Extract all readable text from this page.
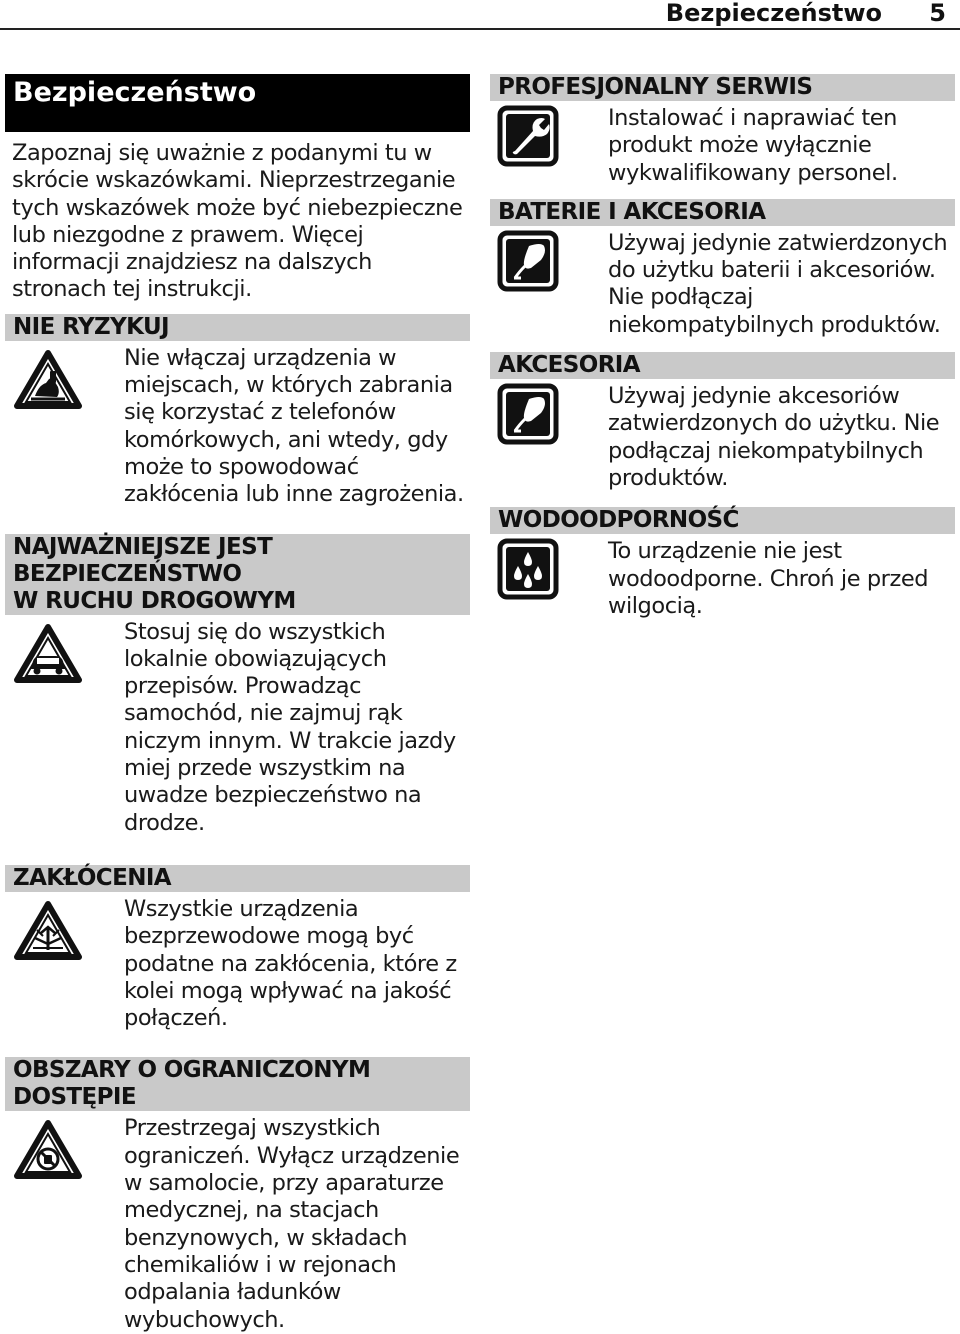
Bezpieczeństwo 5
Bezpieczeństwo

Zapoznaj się uważnie z podanymi tu w skrócie wskazówkami. Nieprzestrzeganie tych wskazówek może być niebezpieczne lub niezgodne z prawem. Więcej informacji znajdziesz na dalszych stronach tej instrukcji.

NIE RYZYKUJ

Nie włączaj urządzenia w miejscach, w których zabrania się korzystać z telefonów komórkowych, ani wtedy, gdy może to spowodować zakłócenia lub inne zagrożenia.

NAJWAŻNIEJSZE JEST BEZPIECZEŃSTWO
W RUCHU DROGOWYM

Stosuj się do wszystkich lokalnie obowiązujących przepisów. Prowadząc samochód, nie zajmuj rąk niczym innym. W trakcie jazdy miej przede wszystkim na uwadze bezpieczeństwo na drodze.

ZAKŁÓCENIA

Wszystkie urządzenia bezprzewodowe mogą być podatne na zakłócenia, które z kolei mogą wpływać na jakość połączeń.

OBSZARY O OGRANICZONYM DOSTĘPIE

Przestrzegaj wszystkich ograniczeń. Wyłącz urządzenie w samolocie, przy aparaturze medycznej, na stacjach benzynowych, w składach chemikaliów i w rejonach odpalania ładunków wybuchowych.

PROFESJONALNY SERWIS

Instalować i naprawiać ten produkt może wyłącznie wykwalifikowany personel.

BATERIE I AKCESORIA

Używaj jedynie zatwierdzonych do użytku baterii i akcesoriów. Nie podłączaj niekompatybilnych produktów.

AKCESORIA

Używaj jedynie akcesoriów zatwierdzonych do użytku. Nie podłączaj niekompatybilnych produktów.

WODOODPORNOŚĆ

To urządzenie nie jest wodoodporne. Chroń je przed wilgocią.
